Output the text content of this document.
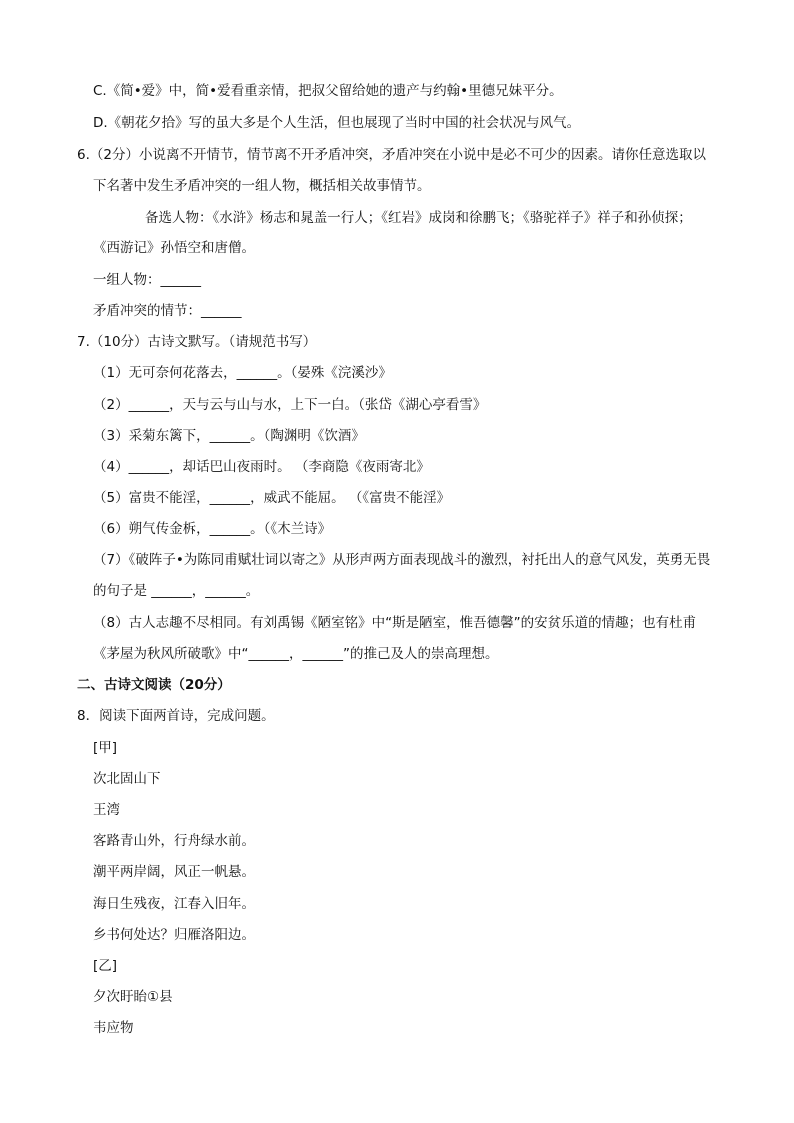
C.《简•爱》中，简•爱看重亲情，把叔父留给她的遗产与约翰•里德兄妹平分。
D.《朝花夕拾》写的虽大多是个人生活，但也展现了当时中国的社会状况与风气。
6.（2分）小说离不开情节，情节离不开矛盾冲突，矛盾冲突在小说中是必不可少的因素。请你任意选取以
下名著中发生矛盾冲突的一组人物，概括相关故事情节。
备选人物：《水浒》杨志和晁盖一行人；《红岩》成岗和徐鹏飞；《骆驼祥子》祥子和孙侦探；
《西游记》孙悟空和唐僧。
一组人物：______
矛盾冲突的情节：______
7.（10分）古诗文默写。（请规范书写）
（1）无可奈何花落去，______。（晏殊《浣溪沙》
（2）______，天与云与山与水，上下一白。（张岱《湖心亭看雪》
（3）采菊东篱下，______。（陶渊明《饮酒》
（4）______，却话巴山夜雨时。 （李商隐《夜雨寄北》
（5）富贵不能淫，______，威武不能屈。 （《富贵不能淫》
（6）朔气传金柝，______。（《木兰诗》
（7）《破阵子•为陈同甫赋壮词以寄之》从形声两方面表现战斗的激烈，衬托出人的意气风发，英勇无畏
的句子是 ______，______。
（8）古人志趣不尽相同。有刘禹锡《陋室铭》中“斯是陋室，惟吾德馨”的安贫乐道的情趣；也有杜甫
《茅屋为秋风所破歌》中“______，______”的推己及人的崇高理想。
二、古诗文阅读（20分）
8．阅读下面两首诗，完成问题。
[甲]
次北固山下
王湾
客路青山外，行舟绿水前。
潮平两岸阔，风正一帆悬。
海日生残夜，江春入旧年。
乡书何处达？归雁洛阳边。
[乙]
夕次盱眙①县
韦应物
